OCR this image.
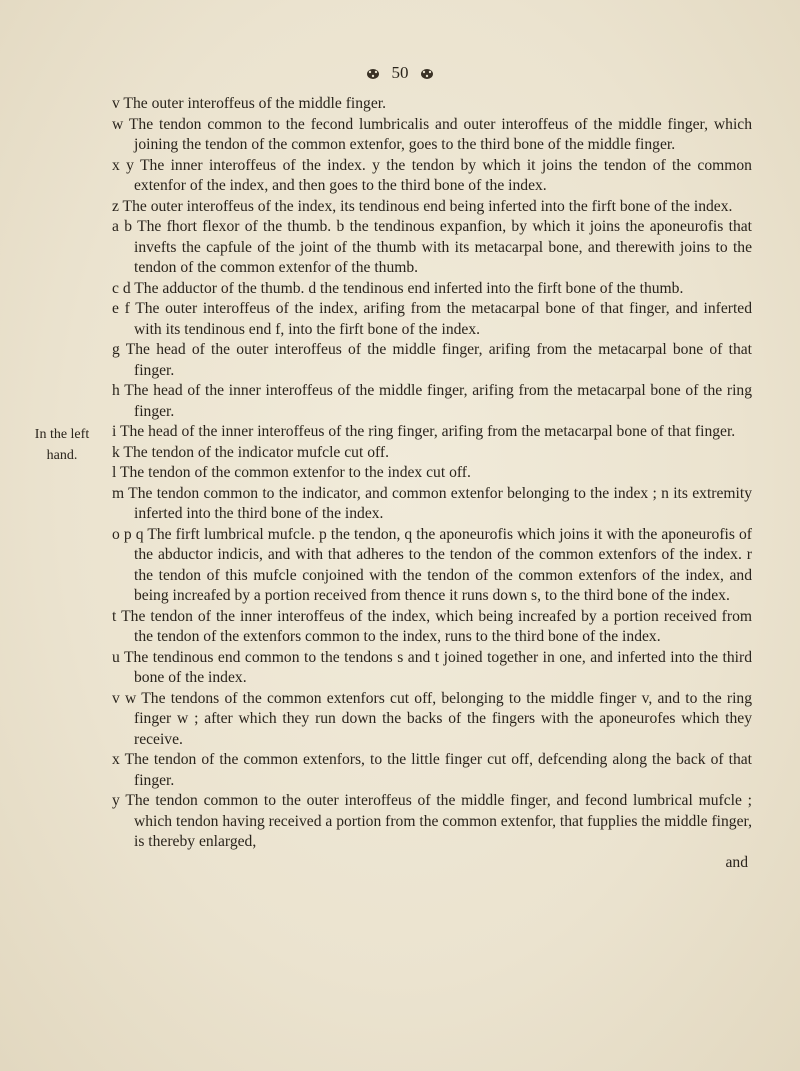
50
In the left hand.

v The outer interoffeus of the middle finger.

w The tendon common to the fecond lumbricalis and outer interoffeus of the middle finger, which joining the tendon of the common extenfor, goes to the third bone of the middle finger.

x y The inner interoffeus of the index. y the tendon by which it joins the tendon of the common extenfor of the index, and then goes to the third bone of the index.

z The outer interoffeus of the index, its tendinous end being inferted into the firft bone of the index.

a b The fhort flexor of the thumb. b the tendinous expanfion, by which it joins the aponeurofis that invefts the capfule of the joint of the thumb with its metacarpal bone, and therewith joins to the tendon of the common extenfor of the thumb.

c d The adductor of the thumb. d the tendinous end inferted into the firft bone of the thumb.

e f The outer interoffeus of the index, arifing from the metacarpal bone of that finger, and inferted with its tendinous end f, into the firft bone of the index.

g The head of the outer interoffeus of the middle finger, arifing from the metacarpal bone of that finger.

h The head of the inner interoffeus of the middle finger, arifing from the metacarpal bone of the ring finger.

i The head of the inner interoffeus of the ring finger, arifing from the metacarpal bone of that finger.

k The tendon of the indicator mufcle cut off.

l The tendon of the common extenfor to the index cut off.

m The tendon common to the indicator, and common extenfor belonging to the index ; n its extremity inferted into the third bone of the index.

o p q The firft lumbrical mufcle. p the tendon, q the aponeurofis which joins it with the aponeurofis of the abductor indicis, and with that adheres to the tendon of the common extenfors of the index. r the tendon of this mufcle conjoined with the tendon of the common extenfors of the index, and being increafed by a portion received from thence it runs down s, to the third bone of the index.

t The tendon of the inner interoffeus of the index, which being increafed by a portion received from the tendon of the extenfors common to the index, runs to the third bone of the index.

u The tendinous end common to the tendons s and t joined together in one, and inferted into the third bone of the index.

v w The tendons of the common extenfors cut off, belonging to the middle finger v, and to the ring finger w ; after which they run down the backs of the fingers with the aponeurofes which they receive.

x The tendon of the common extenfors, to the little finger cut off, defcending along the back of that finger.

y The tendon common to the outer interoffeus of the middle finger, and fecond lumbrical mufcle ; which tendon having received a portion from the common extenfor, that fupplies the middle finger, is thereby enlarged,

and
